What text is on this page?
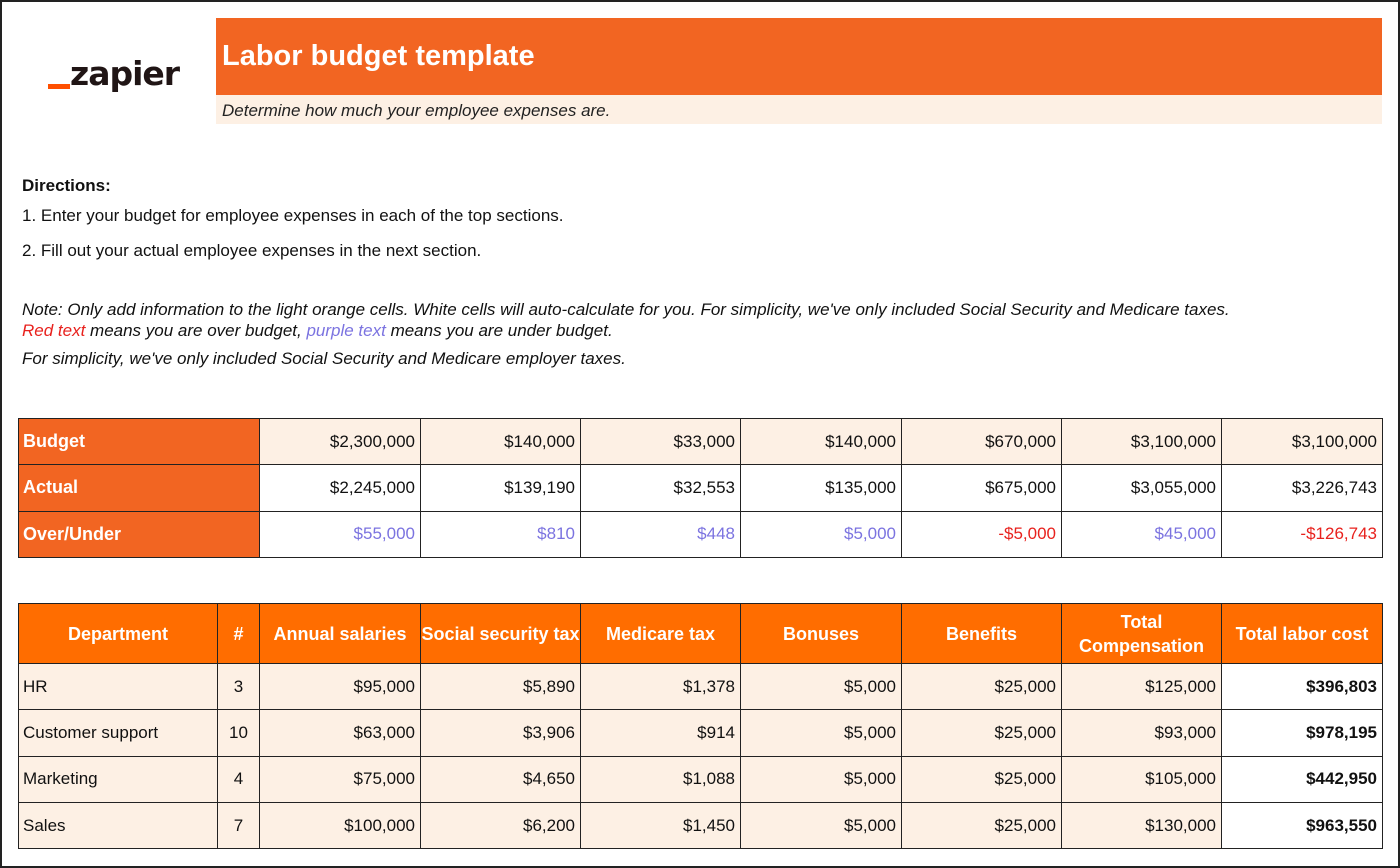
zapier Labor budget template
Determine how much your employee expenses are.
Directions:
1. Enter your budget for employee expenses in each of the top sections.
2. Fill out your actual employee expenses in the next section.
Note: Only add information to the light orange cells. White cells will auto-calculate for you. For simplicity, we've only included Social Security and Medicare taxes.
Red text means you are over budget, purple text means you are under budget.
For simplicity, we've only included Social Security and Medicare employer taxes.
Budget	$2,300,000	$140,000	$33,000	$140,000	$670,000	$3,100,000	$3,100,000
Actual	$2,245,000	$139,190	$32,553	$135,000	$675,000	$3,055,000	$3,226,743
Over/Under	$55,000	$810	$448	$5,000	-$5,000	$45,000	-$126,743
Department	#	Annual salaries	Social security tax	Medicare tax	Bonuses	Benefits	Total Compensation	Total labor cost
HR	3	$95,000	$5,890	$1,378	$5,000	$25,000	$125,000	$396,803
Customer support	10	$63,000	$3,906	$914	$5,000	$25,000	$93,000	$978,195
Marketing	4	$75,000	$4,650	$1,088	$5,000	$25,000	$105,000	$442,950
Sales	7	$100,000	$6,200	$1,450	$5,000	$25,000	$130,000	$963,550
